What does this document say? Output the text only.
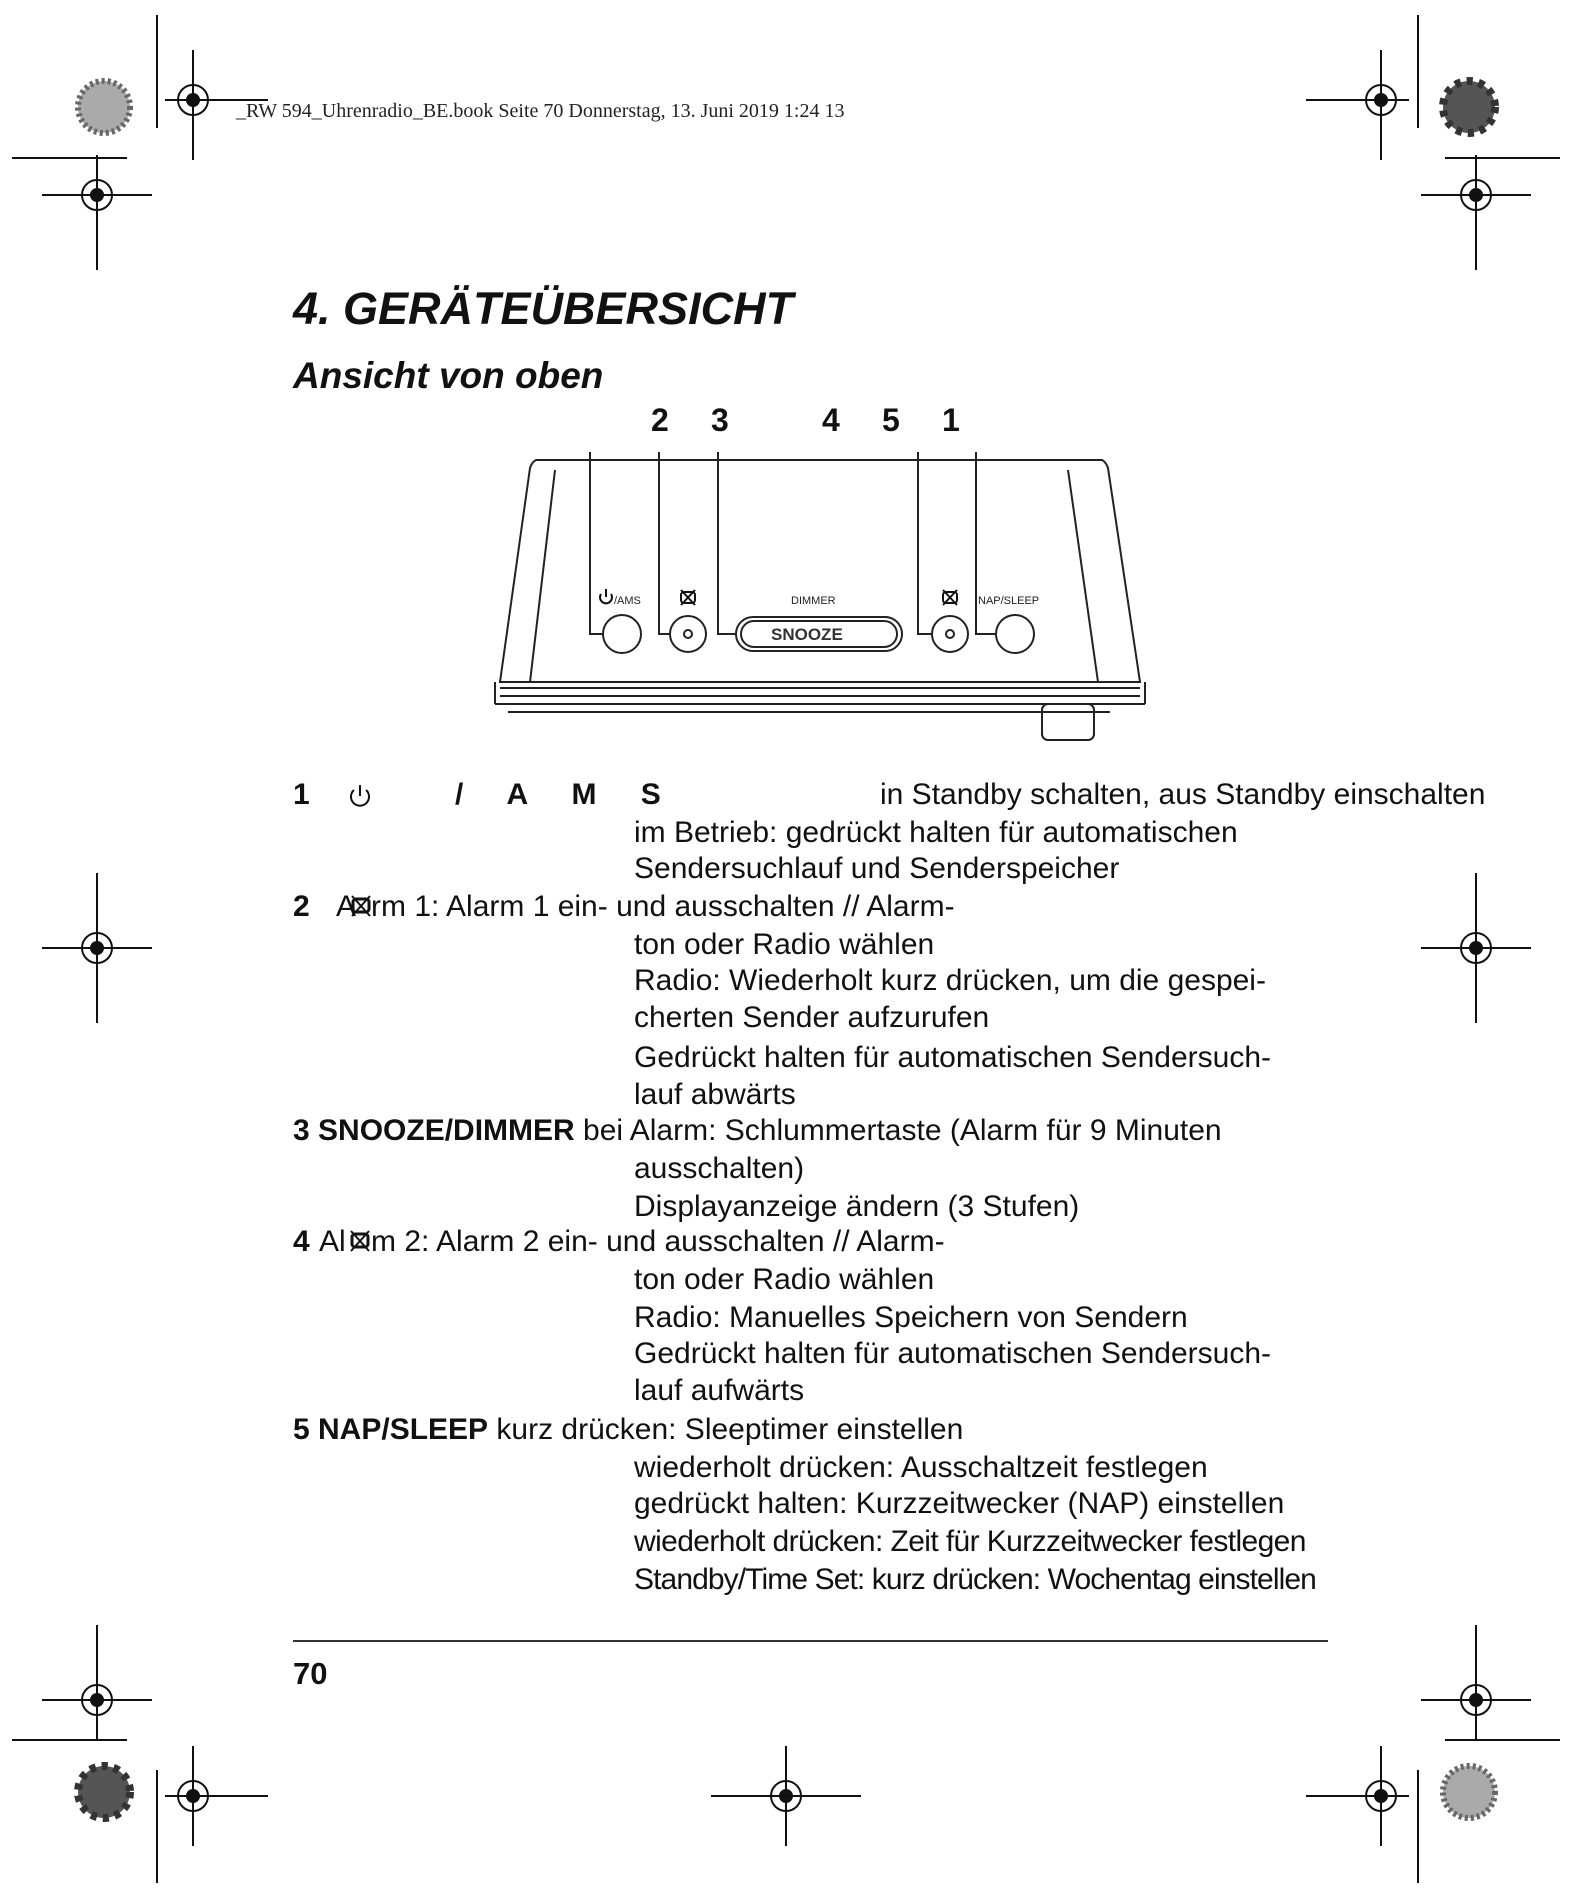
_RW 594_Uhrenradio_BE.book Seite 70 Donnerstag, 13. Juni 2019 1:24 13
4. GERÄTEÜBERSICHT
Ansicht von oben
2 3	4 5 1
/AMS	DIMMER	NAP/SLEEP
SNOOZE
1	/ A M S	in Standby schalten, aus Standby einschalten
im Betrieb: gedrückt halten für automatischen
Sendersuchlauf und Senderspeicher
2 A rm 1: Alarm 1 ein- und ausschalten // Alarm-
ton oder Radio wählen
Radio: Wiederholt kurz drücken, um die gespei-
cherten Sender aufzurufen
Gedrückt halten für automatischen Sendersuch-
lauf abwärts
3 SNOOZE/DIMMER bei Alarm: Schlummertaste (Alarm für 9 Minuten
ausschalten)
Displayanzeige ändern (3 Stufen)
4 Al m 2: Alarm 2 ein- und ausschalten // Alarm-
ton oder Radio wählen
Radio: Manuelles Speichern von Sendern
Gedrückt halten für automatischen Sendersuch-
lauf aufwärts
5 NAP/SLEEP kurz drücken: Sleeptimer einstellen
wiederholt drücken: Ausschaltzeit festlegen
gedrückt halten: Kurzzeitwecker (NAP) einstellen
wiederholt drücken: Zeit für Kurzzeitwecker festlegen
Standby/Time Set: kurz drücken: Wochentag einstellen
70
